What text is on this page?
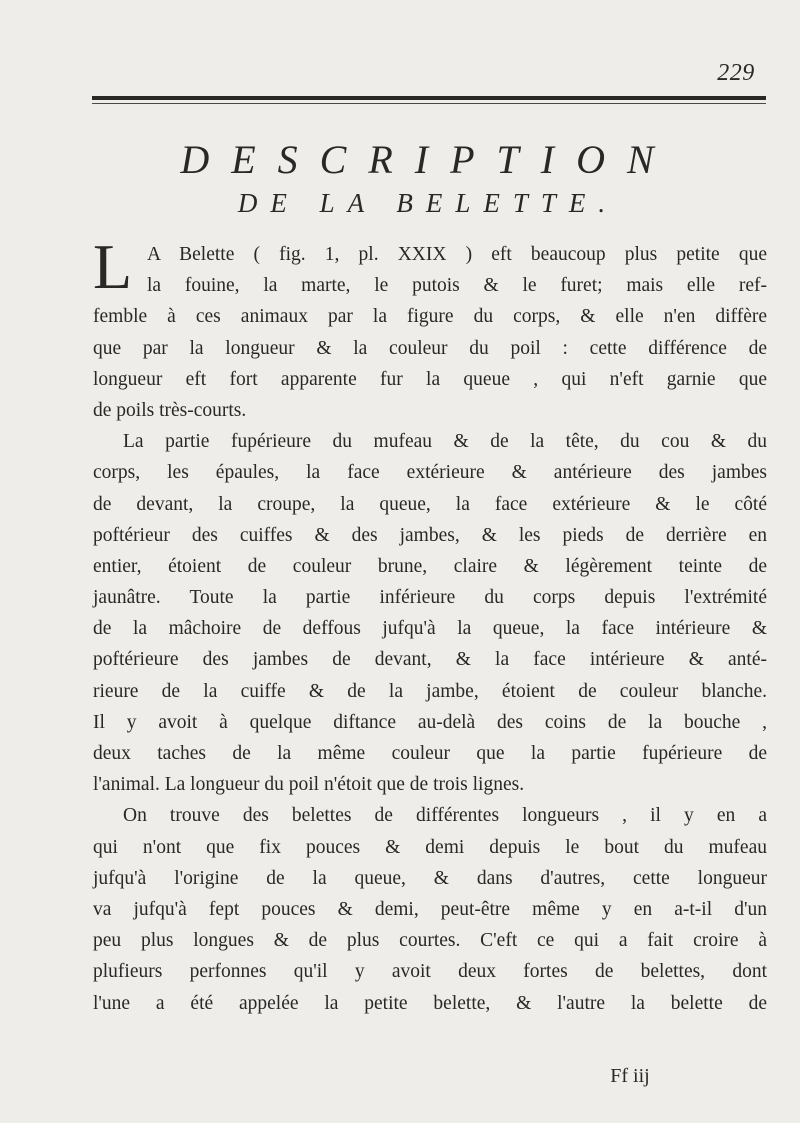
229
DESCRIPTION
DE LA BELETTE.
L A Belette ( fig. 1, pl. XXIX ) eft beaucoup plus petite que
la fouine, la marte, le putois & le furet; mais elle ref-
femble à ces animaux par la figure du corps, & elle n'en diffère
que par la longueur & la couleur du poil : cette différence de
longueur eft fort apparente fur la queue , qui n'eft garnie que
de poils très-courts.
La partie fupérieure du mufeau & de la tête, du cou & du
corps, les épaules, la face extérieure & antérieure des jambes
de devant, la croupe, la queue, la face extérieure & le côté
poftérieur des cuiffes & des jambes, & les pieds de derrière en
entier, étoient de couleur brune, claire & légèrement teinte de
jaunâtre. Toute la partie inférieure du corps depuis l'extrémité
de la mâchoire de deffous jufqu'à la queue, la face intérieure &
poftérieure des jambes de devant, & la face intérieure & anté-
rieure de la cuiffe & de la jambe, étoient de couleur blanche.
Il y avoit à quelque diftance au-delà des coins de la bouche ,
deux taches de la même couleur que la partie fupérieure de
l'animal. La longueur du poil n'étoit que de trois lignes.
On trouve des belettes de différentes longueurs , il y en a
qui n'ont que fix pouces & demi depuis le bout du mufeau
jufqu'à l'origine de la queue, & dans d'autres, cette longueur
va jufqu'à fept pouces & demi, peut-être même y en a-t-il d'un
peu plus longues & de plus courtes. C'eft ce qui a fait croire à
plufieurs perfonnes qu'il y avoit deux fortes de belettes, dont
l'une a été appelée la petite belette, & l'autre la belette de
Ff iij
